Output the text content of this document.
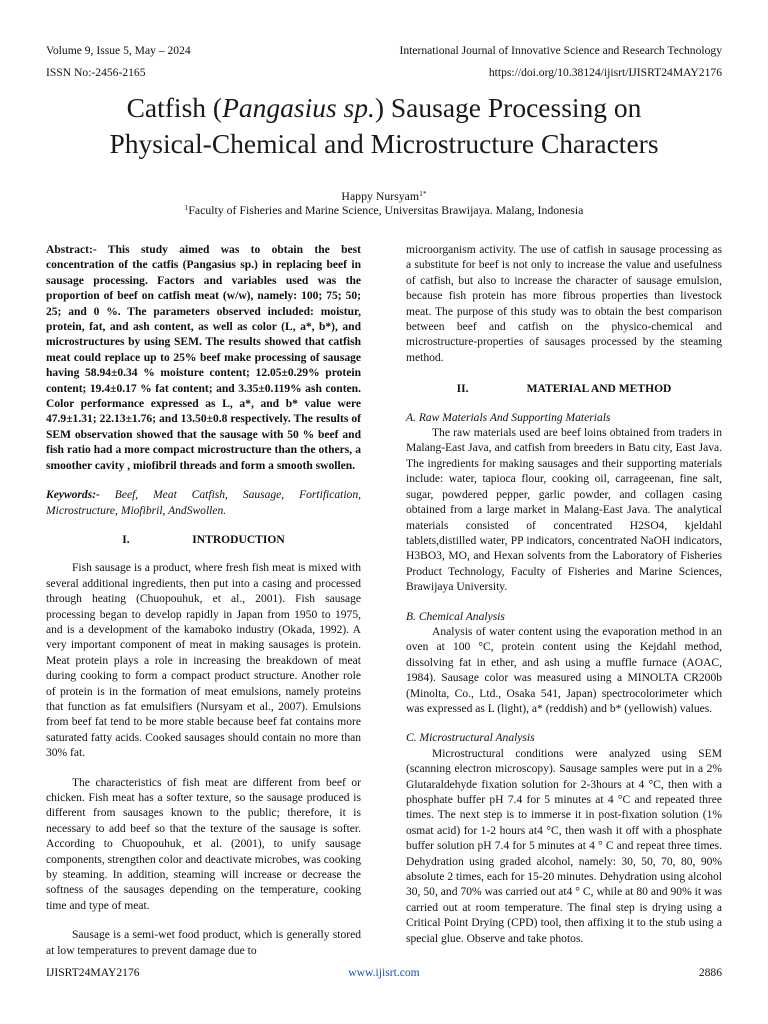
Volume 9, Issue 5, May – 2024	International Journal of Innovative Science and Research Technology
ISSN No:-2456-2165	https://doi.org/10.38124/ijisrt/IJISRT24MAY2176
Catfish (Pangasius sp.) Sausage Processing on
Physical-Chemical and Microstructure Characters
Happy Nursyam$^{1*}$
$^1$Faculty of Fisheries and Marine Science, Universitas Brawijaya. Malang, Indonesia

Abstract:- This study aimed was to obtain the best concentration of the catfis (Pangasius sp.) in replacing beef in sausage processing. Factors and variables used was the proportion of beef on catfish meat (w/w), namely: 100; 75; 50; 25; and 0 %. The parameters observed included: moistur, protein, fat, and ash content, as well as color (L, a*, b*), and microstructures by using SEM. The results showed that catfish meat could replace up to 25% beef make processing of sausage having 58.94±0.34 % moisture content; 12.05±0.29% protein content; 19.4±0.17 % fat content; and 3.35±0.119% ash conten. Color performance expressed as L, a*, and b* value were 47.9±1.31; 22.13±1.76; and 13.50±0.8 respectively. The results of SEM observation showed that the sausage with 50 % beef and fish ratio had a more compact microstructure than the others, a smoother cavity , miofibril threads and form a smooth swollen.

Keywords:- Beef, Meat Catfish, Sausage, Fortification, Microstructure, Miofibril, AndSwollen.

I.	INTRODUCTION

Fish sausage is a product, where fresh fish meat is mixed with several additional ingredients, then put into a casing and processed through heating (Chuopouhuk, et al., 2001). Fish sausage processing began to develop rapidly in Japan from 1950 to 1975, and is a development of the kamaboko industry (Okada, 1992). A very important component of meat in making sausages is protein. Meat protein plays a role in increasing the breakdown of meat during cooking to form a compact product structure. Another role of protein is in the formation of meat emulsions, namely proteins that function as fat emulsifiers (Nursyam et al., 2007). Emulsions from beef fat tend to be more stable because beef fat contains more saturated fatty acids. Cooked sausages should contain no more than 30% fat.

The characteristics of fish meat are different from beef or chicken. Fish meat has a softer texture, so the sausage produced is different from sausages known to the public; therefore, it is necessary to add beef so that the texture of the sausage is softer. According to Chuopouhuk, et al. (2001), to unify sausage components, strengthen color and deactivate microbes, was cooking by steaming. In addition, steaming will increase or decrease the softness of the sausages depending on the temperature, cooking time and type of meat.

Sausage is a semi-wet food product, which is generally stored at low temperatures to prevent damage due to

microorganism activity. The use of catfish in sausage processing as a substitute for beef is not only to increase the value and usefulness of catfish, but also to increase the character of sausage emulsion, because fish protein has more fibrous properties than livestock meat. The purpose of this study was to obtain the best comparison between beef and catfish on the physico-chemical and microstructure-properties of sausages processed by the steaming method.

II.	MATERIAL AND METHOD

A. Raw Materials And Supporting Materials

The raw materials used are beef loins obtained from traders in Malang-East Java, and catfish from breeders in Batu city, East Java. The ingredients for making sausages and their supporting materials include: water, tapioca flour, cooking oil, carrageenan, fine salt, sugar, powdered pepper, garlic powder, and collagen casing obtained from a large market in Malang-East Java. The analytical materials consisted of concentrated H2SO4, kjeldahl tablets,distilled water, PP indicators, concentrated NaOH indicators, H3BO3, MO, and Hexan solvents from the Laboratory of Fisheries Product Technology, Faculty of Fisheries and Marine Sciences, Brawijaya University.

B. Chemical Analysis

Analysis of water content using the evaporation method in an oven at 100 °C, protein content using the Kejdahl method, dissolving fat in ether, and ash using a muffle furnace (AOAC, 1984). Sausage color was measured using a MINOLTA CR200b (Minolta, Co., Ltd., Osaka 541, Japan) spectrocolorimeter which was expressed as L (light), a* (reddish) and b* (yellowish) values.

C. Microstructural Analysis

Microstructural conditions were analyzed using SEM (scanning electron microscopy). Sausage samples were put in a 2% Glutaraldehyde fixation solution for 2-3hours at 4 °C, then with a phosphate buffer pH 7.4 for 5 minutes at 4 °C and repeated three times. The next step is to immerse it in post-fixation solution (1% osmat acid) for 1-2 hours at4 °C, then wash it off with a phosphate buffer solution pH 7.4 for 5 minutes at 4 ° C and repeat three times. Dehydration using graded alcohol, namely: 30, 50, 70, 80, 90% absolute 2 times, each for 15-20 minutes. Dehydration using alcohol 30, 50, and 70% was carried out at4 ° C, while at 80 and 90% it was carried out at room temperature. The final step is drying using a Critical Point Drying (CPD) tool, then affixing it to the stub using a special glue. Observe and take photos.

IJISRT24MAY2176	www.ijisrt.com	2886
